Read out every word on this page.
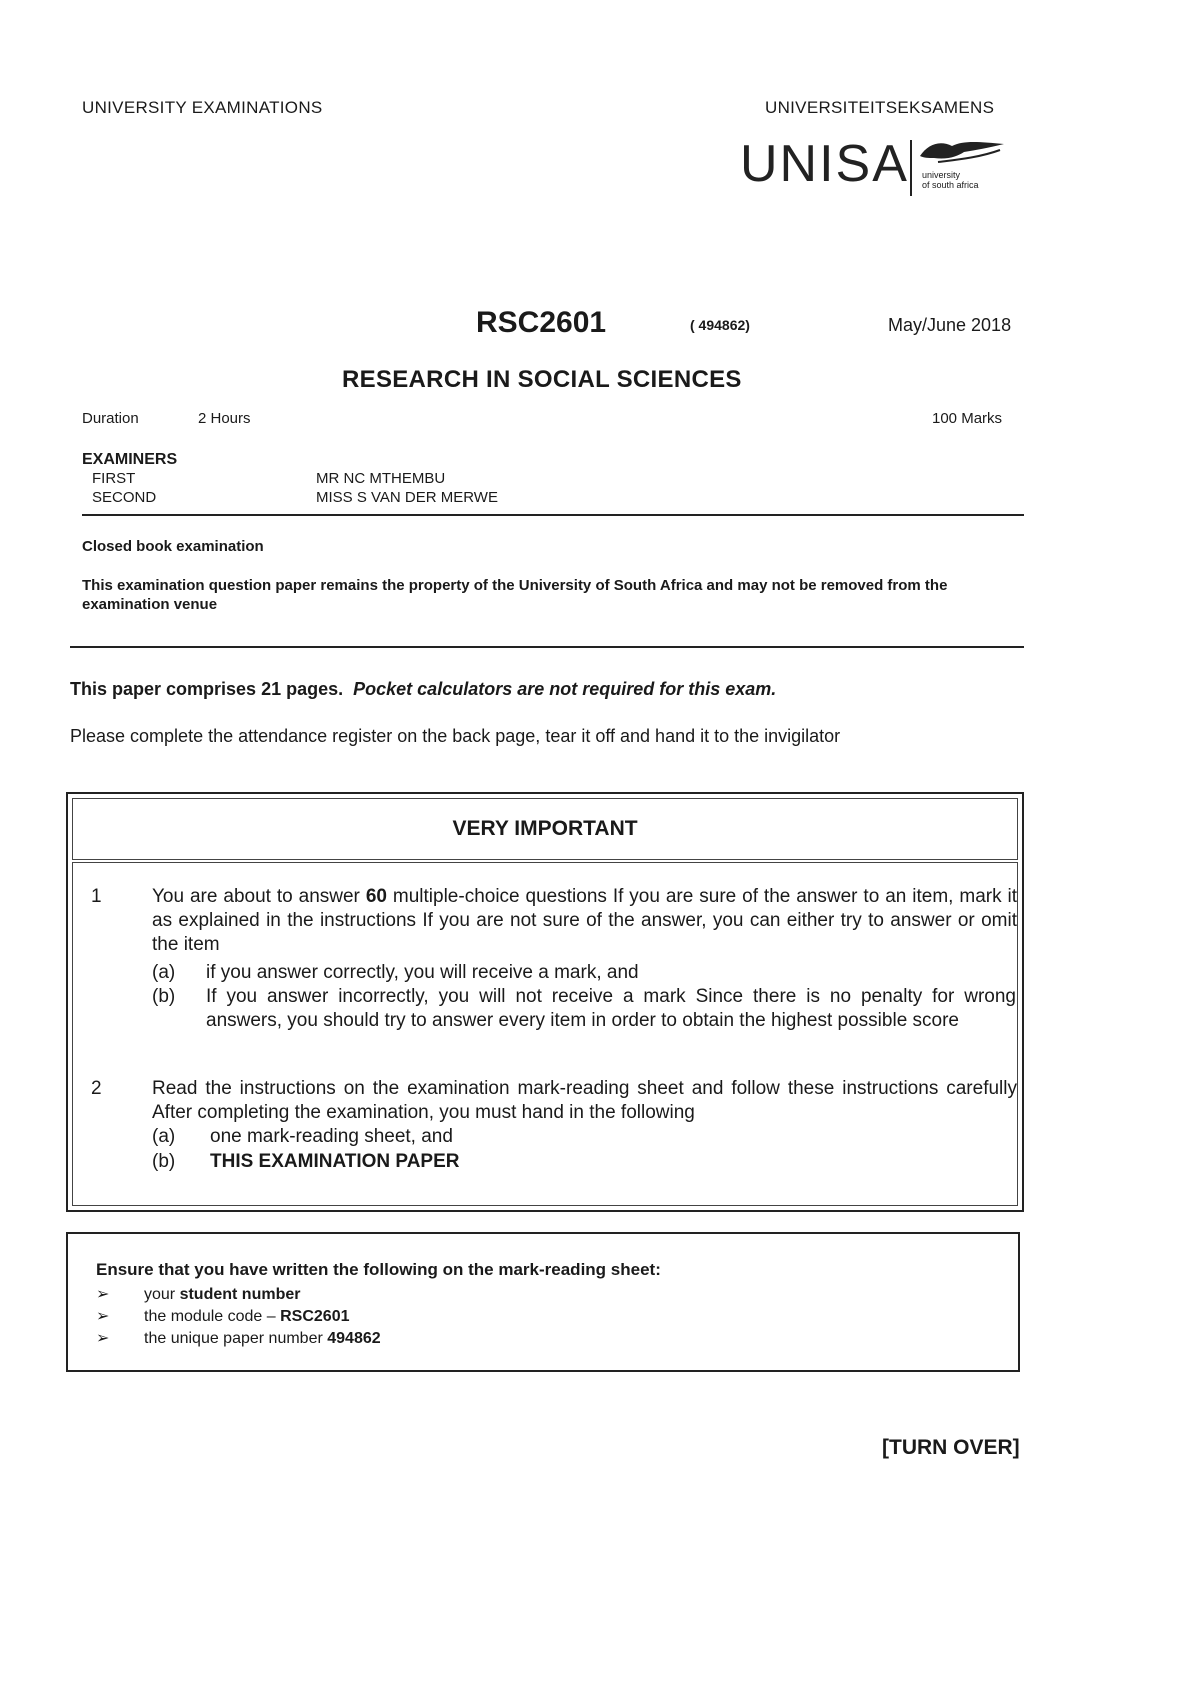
UNIVERSITY EXAMINATIONS	UNIVERSITEITSEKSAMENS
UNISA university
of south africa
RSC2601	( 494862)	May/June 2018
RESEARCH IN SOCIAL SCIENCES
Duration	2 Hours	100 Marks
EXAMINERS
FIRST	MR NC MTHEMBU
SECOND	MISS S VAN DER MERWE
Closed book examination
This examination question paper remains the property of the University of South Africa and may not be removed from the examination venue
This paper comprises 21 pages. Pocket calculators are not required for this exam.
Please complete the attendance register on the back page, tear it off and hand it to the invigilator
VERY IMPORTANT
1	You are about to answer 60 multiple-choice questions If you are sure of the answer to an item, mark it as explained in the instructions If you are not sure of the answer, you can either try to answer or omit the item
(a) if you answer correctly, you will receive a mark, and
(b) If you answer incorrectly, you will not receive a mark Since there is no penalty for wrong answers, you should try to answer every item in order to obtain the highest possible score
2	Read the instructions on the examination mark-reading sheet and follow these instructions carefully After completing the examination, you must hand in the following
(a) one mark-reading sheet, and
(b) THIS EXAMINATION PAPER
Ensure that you have written the following on the mark-reading sheet:
➢ your student number
➢ the module code – RSC2601
➢ the unique paper number 494862
[TURN OVER]
